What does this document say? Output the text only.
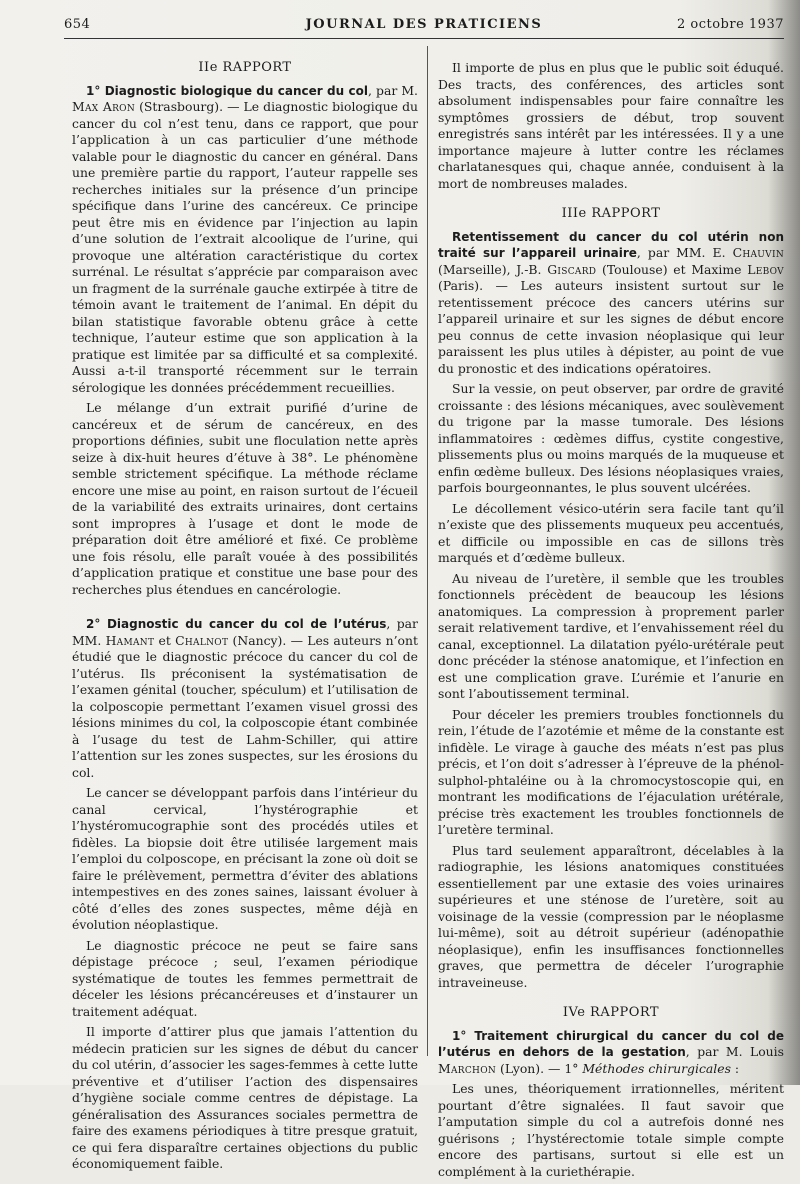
654	JOURNAL DES PRATICIENS	2 octobre 1937
IIe RAPPORT

1° Diagnostic biologique du cancer du col, par M. Max Aron (Strasbourg). — Le diagnostic biologique du cancer du col n’est tenu, dans ce rapport, que pour l’application à un cas particulier d’une méthode valable pour le diagnostic du cancer en général. Dans une première partie du rapport, l’auteur rappelle ses recherches initiales sur la présence d’un principe spécifique dans l’urine des cancéreux. Ce principe peut être mis en évidence par l’injection au lapin d’une solution de l’extrait alcoolique de l’urine, qui provoque une altération caractéristique du cortex surrénal. Le résultat s’apprécie par comparaison avec un fragment de la surrénale gauche extirpée à titre de témoin avant le traitement de l’animal. En dépit du bilan statistique favorable obtenu grâce à cette technique, l’auteur estime que son application à la pratique est limitée par sa difficulté et sa complexité. Aussi a-t-il transporté récemment sur le terrain sérologique les données précédemment recueillies.

Le mélange d’un extrait purifié d’urine de cancéreux et de sérum de cancéreux, en des proportions définies, subit une floculation nette après seize à dix-huit heures d’étuve à 38°. Le phénomène semble strictement spécifique. La méthode réclame encore une mise au point, en raison surtout de l’écueil de la variabilité des extraits urinaires, dont certains sont impropres à l’usage et dont le mode de préparation doit être amélioré et fixé. Ce problème une fois résolu, elle paraît vouée à des possibilités d’application pratique et constitue une base pour des recherches plus étendues en cancérologie.

2° Diagnostic du cancer du col de l’utérus, par MM. Hamant et Chalnot (Nancy). — Les auteurs n’ont étudié que le diagnostic précoce du cancer du col de l’utérus. Ils préconisent la systématisation de l’examen génital (toucher, spéculum) et l’utilisation de la colposcopie permettant l’examen visuel grossi des lésions minimes du col, la colposcopie étant combinée à l’usage du test de Lahm-Schiller, qui attire l’attention sur les zones suspectes, sur les érosions du col.

Le cancer se développant parfois dans l’intérieur du canal cervical, l’hystérographie et l’hystéromucographie sont des procédés utiles et fidèles. La biopsie doit être utilisée largement mais l’emploi du colposcope, en précisant la zone où doit se faire le prélèvement, permettra d’éviter des ablations intempestives en des zones saines, laissant évoluer à côté d’elles des zones suspectes, même déjà en évolution néoplastique.

Le diagnostic précoce ne peut se faire sans dépistage précoce ; seul, l’examen périodique systématique de toutes les femmes permettrait de déceler les lésions précancéreuses et d’instaurer un traitement adéquat.

Il importe d’attirer plus que jamais l’attention du médecin praticien sur les signes de début du cancer du col utérin, d’associer les sages-femmes à cette lutte préventive et d’utiliser l’action des dispensaires d’hygiène sociale comme centres de dépistage. La généralisation des Assurances sociales permettra de faire des examens périodiques à titre presque gratuit, ce qui fera disparaître certaines objections du public économiquement faible.

Il importe de plus en plus que le public soit éduqué. Des tracts, des conférences, des articles sont absolument indispensables pour faire connaître les symptômes grossiers de début, trop souvent enregistrés sans intérêt par les intéressées. Il y a une importance majeure à lutter contre les réclames charlatanesques qui, chaque année, conduisent à la mort de nombreuses malades.

IIIe RAPPORT

Retentissement du cancer du col utérin non traité sur l’appareil urinaire, par MM. E. Chauvin (Marseille), J.-B. Giscard (Toulouse) et Maxime Lebov (Paris). — Les auteurs insistent surtout sur le retentissement précoce des cancers utérins sur l’appareil urinaire et sur les signes de début encore peu connus de cette invasion néoplasique qui leur paraissent les plus utiles à dépister, au point de vue du pronostic et des indications opératoires.

Sur la vessie, on peut observer, par ordre de gravité croissante : des lésions mécaniques, avec soulèvement du trigone par la masse tumorale. Des lésions inflammatoires : œdèmes diffus, cystite congestive, plissements plus ou moins marqués de la muqueuse et enfin œdème bulleux. Des lésions néoplasiques vraies, parfois bourgeonnantes, le plus souvent ulcérées.

Le décollement vésico-utérin sera facile tant qu’il n’existe que des plissements muqueux peu accentués, et difficile ou impossible en cas de sillons très marqués et d’œdème bulleux.

Au niveau de l’uretère, il semble que les troubles fonctionnels précèdent de beaucoup les lésions anatomiques. La compression à proprement parler serait relativement tardive, et l’envahissement réel du canal, exceptionnel. La dilatation pyélo-urétérale peut donc précéder la sténose anatomique, et l’infection en est une complication grave. L’urémie et l’anurie en sont l’aboutissement terminal.

Pour déceler les premiers troubles fonctionnels du rein, l’étude de l’azotémie et même de la constante est infidèle. Le virage à gauche des méats n’est pas plus précis, et l’on doit s’adresser à l’épreuve de la phénol-sulphol-phtaléine ou à la chromocystoscopie qui, en montrant les modifications de l’éjaculation urétérale, précise très exactement les troubles fonctionnels de l’uretère terminal.

Plus tard seulement apparaîtront, décelables à la radiographie, les lésions anatomiques constituées essentiellement par une extasie des voies urinaires supérieures et une sténose de l’uretère, soit au voisinage de la vessie (compression par le néoplasme lui-même), soit au détroit supérieur (adénopathie néoplasique), enfin les insuffisances fonctionnelles graves, que permettra de déceler l’urographie intraveineuse.

IVe RAPPORT

1° Traitement chirurgical du cancer du col de l’utérus en dehors de la gestation, par M. Louis Marchon (Lyon). — 1° Méthodes chirurgicales :

Les unes, théoriquement irrationnelles, méritent pourtant d’être signalées. Il faut savoir que l’amputation simple du col a autrefois donné nes guérisons ; l’hystérectomie totale simple compte encore des partisans, surtout si elle est un complément à la curiethérapie.
